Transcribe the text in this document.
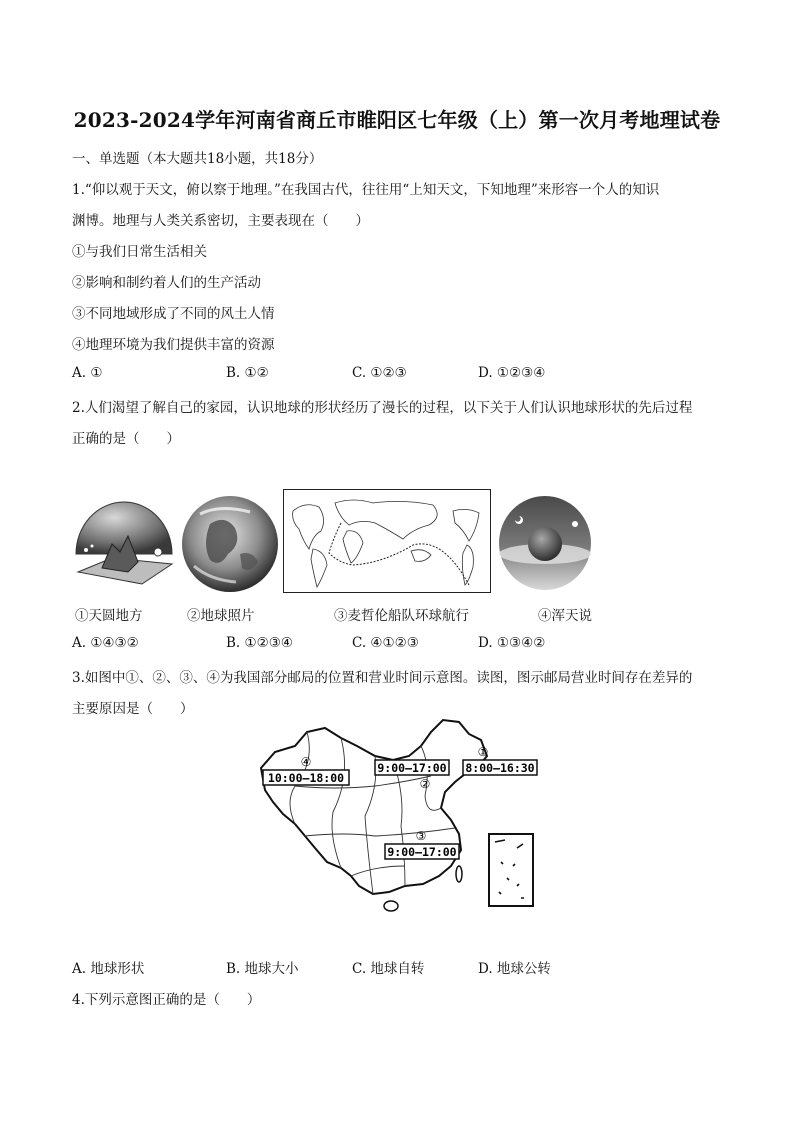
2023-2024学年河南省商丘市睢阳区七年级（上）第一次月考地理试卷
一、单选题（本大题共18小题，共18分）
1.“仰以观于天文，俯以察于地理。”在我国古代，往往用“上知天文，下知地理”来形容一个人的知识
渊博。地理与人类关系密切，主要表现在（　　）
①与我们日常生活相关
②影响和制约着人们的生产活动
③不同地域形成了不同的风土人情
④地理环境为我们提供丰富的资源
A. ①	B. ①②	C. ①②③	D. ①②③④
2.人们渴望了解自己的家园，认识地球的形状经历了漫长的过程，以下关于人们认识地球形状的先后过程
正确的是（　　）
①天圆地方	②地球照片	③麦哲伦船队环球航行	④浑天说
A. ①④③②	B. ①②③④	C. ④①②③	D. ①③④②
3.如图中①、②、③、④为我国部分邮局的位置和营业时间示意图。读图，图示邮局营业时间存在差异的
主要原因是（　　）
④
10:00–18:00
9:00–17:00
②
8:00–16:30
①
9:00–17:00
③
A. 地球形状	B. 地球大小	C. 地球自转	D. 地球公转
4.下列示意图正确的是（　　）
